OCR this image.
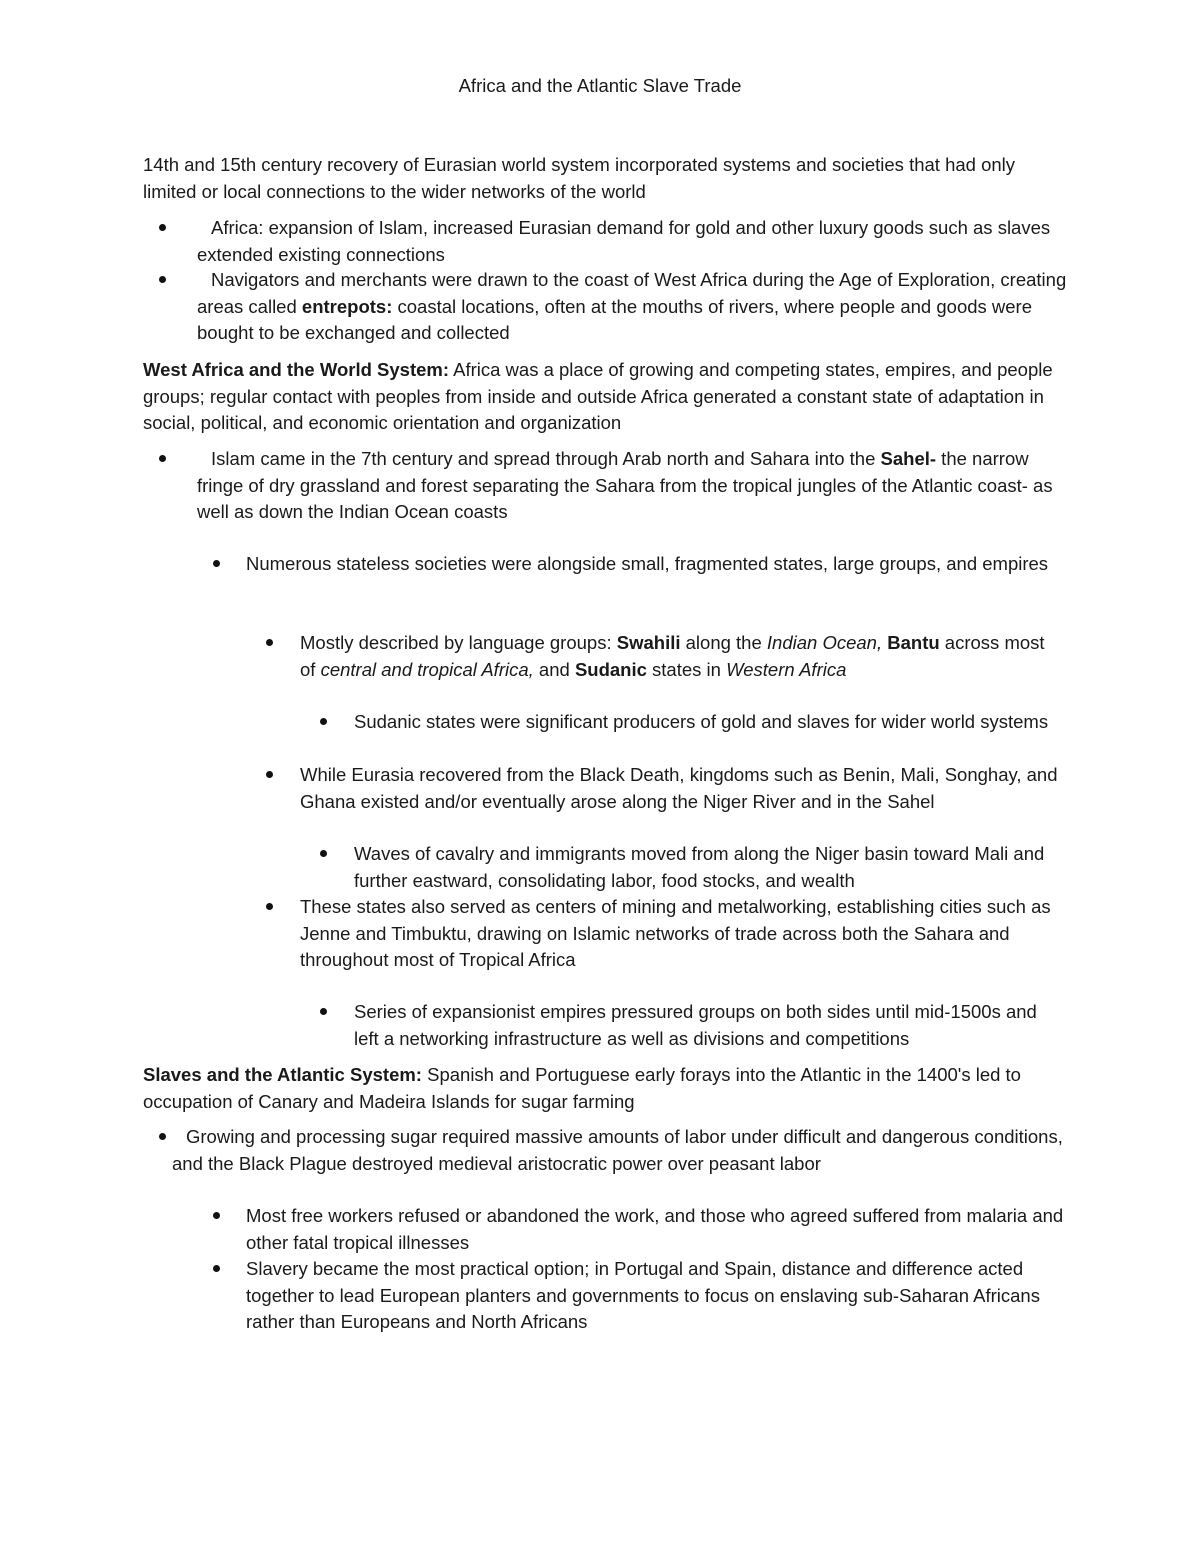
Africa and the Atlantic Slave Trade

14th and 15th century recovery of Eurasian world system incorporated systems and societies that had only limited or local connections to the wider networks of the world

Africa: expansion of Islam, increased Eurasian demand for gold and other luxury goods such as slaves extended existing connections
Navigators and merchants were drawn to the coast of West Africa during the Age of Exploration, creating areas called entrepots: coastal locations, often at the mouths of rivers, where people and goods were bought to be exchanged and collected

West Africa and the World System: Africa was a place of growing and competing states, empires, and people groups; regular contact with peoples from inside and outside Africa generated a constant state of adaptation in social, political, and economic orientation and organization

Islam came in the 7th century and spread through Arab north and Sahara into the Sahel- the narrow fringe of dry grassland and forest separating the Sahara from the tropical jungles of the Atlantic coast- as well as down the Indian Ocean coasts
Numerous stateless societies were alongside small, fragmented states, large groups, and empires
Mostly described by language groups: Swahili along the Indian Ocean, Bantu across most of central and tropical Africa, and Sudanic states in Western Africa
Sudanic states were significant producers of gold and slaves for wider world systems
While Eurasia recovered from the Black Death, kingdoms such as Benin, Mali, Songhay, and Ghana existed and/or eventually arose along the Niger River and in the Sahel
Waves of cavalry and immigrants moved from along the Niger basin toward Mali and further eastward, consolidating labor, food stocks, and wealth
These states also served as centers of mining and metalworking, establishing cities such as Jenne and Timbuktu, drawing on Islamic networks of trade across both the Sahara and throughout most of Tropical Africa
Series of expansionist empires pressured groups on both sides until mid-1500s and left a networking infrastructure as well as divisions and competitions

Slaves and the Atlantic System: Spanish and Portuguese early forays into the Atlantic in the 1400's led to occupation of Canary and Madeira Islands for sugar farming

Growing and processing sugar required massive amounts of labor under difficult and dangerous conditions, and the Black Plague destroyed medieval aristocratic power over peasant labor
Most free workers refused or abandoned the work, and those who agreed suffered from malaria and other fatal tropical illnesses
Slavery became the most practical option; in Portugal and Spain, distance and difference acted together to lead European planters and governments to focus on enslaving sub-Saharan Africans rather than Europeans and North Africans
